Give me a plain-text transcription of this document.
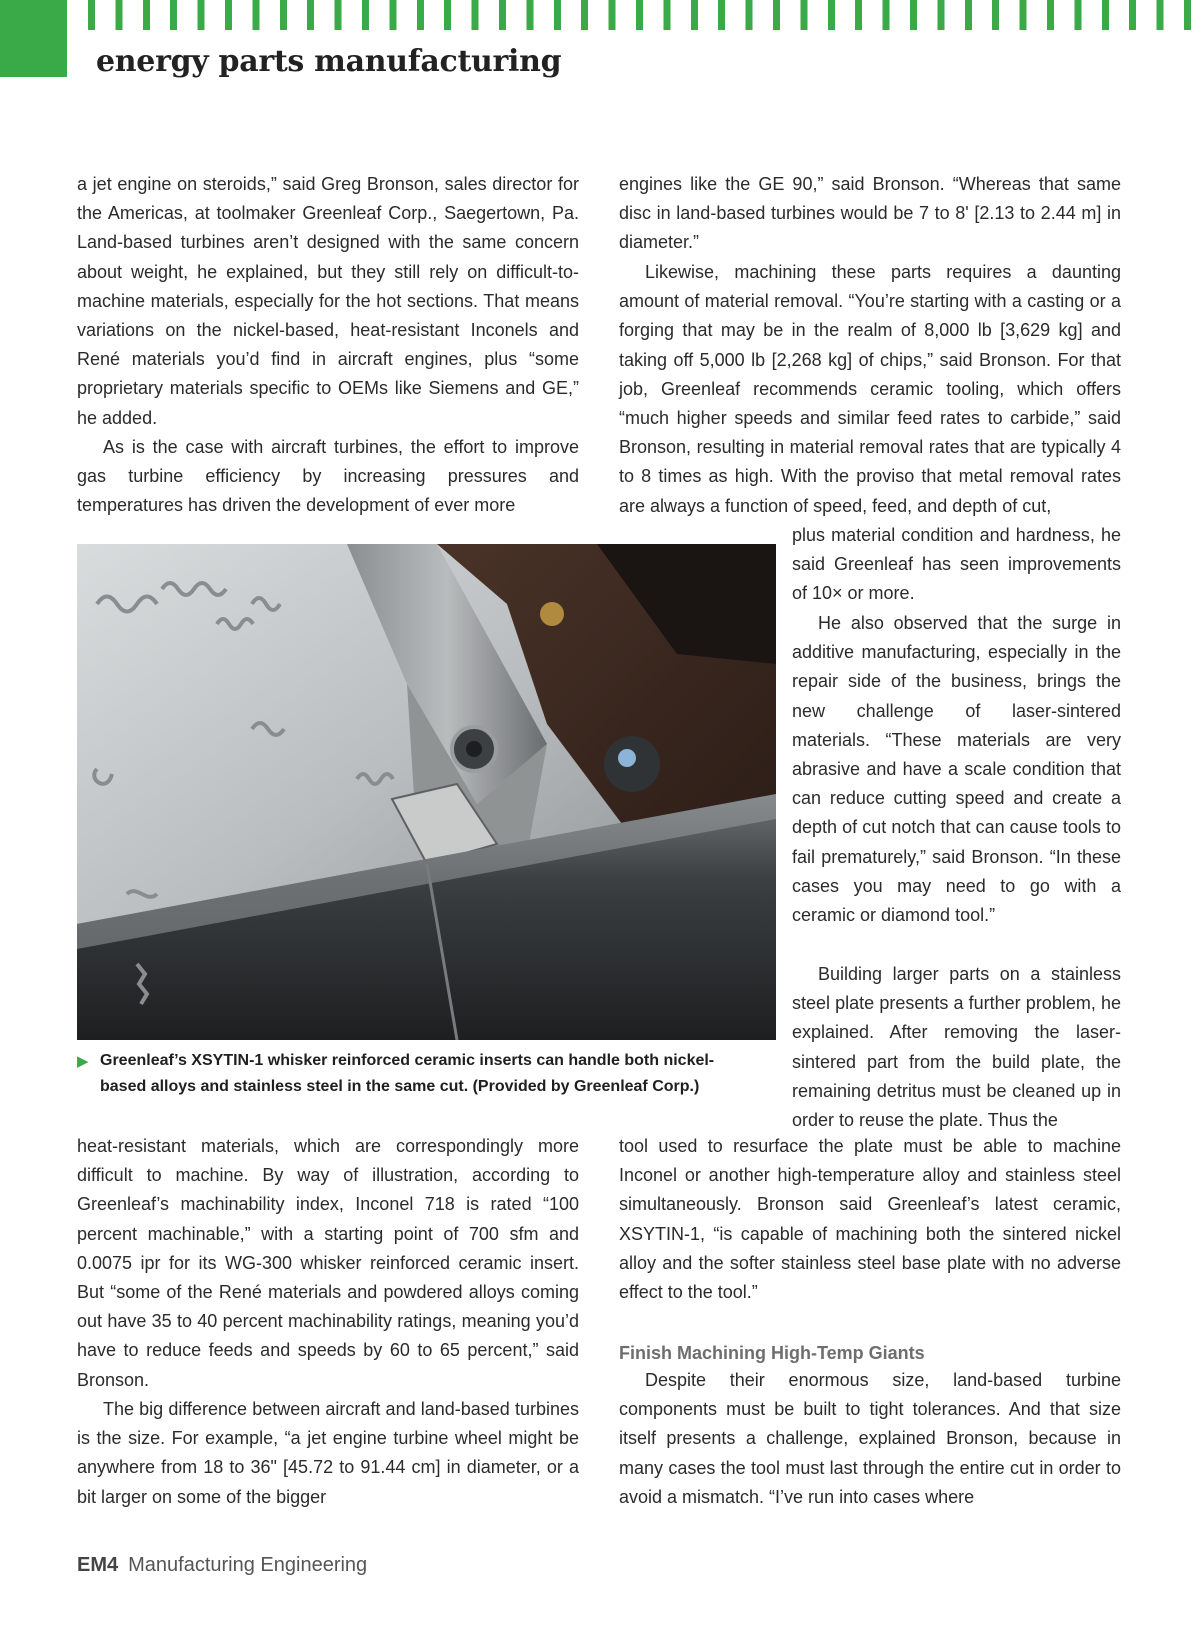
energy parts manufacturing

a jet engine on steroids,” said Greg Bronson, sales director for the Americas, at toolmaker Greenleaf Corp., Saegertown, Pa. Land-based turbines aren’t designed with the same concern about weight, he explained, but they still rely on difficult-to-machine materials, especially for the hot sections. That means variations on the nickel-based, heat-resistant Inconels and René materials you’d find in aircraft engines, plus “some proprietary materials specific to OEMs like Siemens and GE,” he added.

As is the case with aircraft turbines, the effort to improve gas turbine efficiency by increasing pressures and temperatures has driven the development of ever more

heat-resistant materials, which are correspondingly more difficult to machine. By way of illustration, according to Greenleaf’s machinability index, Inconel 718 is rated “100 percent machinable,” with a starting point of 700 sfm and 0.0075 ipr for its WG-300 whisker reinforced ceramic insert. But “some of the René materials and powdered alloys coming out have 35 to 40 percent machinability ratings, meaning you’d have to reduce feeds and speeds by 60 to 65 percent,” said Bronson.

The big difference between aircraft and land-based turbines is the size. For example, “a jet engine turbine wheel might be anywhere from 18 to 36" [45.72 to 91.44 cm] in diameter, or a bit larger on some of the bigger

engines like the GE 90,” said Bronson. “Whereas that same disc in land-based turbines would be 7 to 8' [2.13 to 2.44 m] in diameter.”

Likewise, machining these parts requires a daunting amount of material removal. “You’re starting with a casting or a forging that may be in the realm of 8,000 lb [3,629 kg] and taking off 5,000 lb [2,268 kg] of chips,” said Bronson. For that job, Greenleaf recommends ceramic tooling, which offers “much higher speeds and similar feed rates to carbide,” said Bronson, resulting in material removal rates that are typically 4 to 8 times as high. With the proviso that metal removal rates are always a function of speed, feed, and depth of cut,

plus material condition and hardness, he said Greenleaf has seen improvements of 10× or more.

He also observed that the surge in additive manufacturing, especially in the repair side of the business, brings the new challenge of laser-sintered materials. “These materials are very abrasive and have a scale condition that can reduce cutting speed and create a depth of cut notch that can cause tools to fail prematurely,” said Bronson. “In these cases you may need to go with a ceramic or diamond tool.”

Building larger parts on a stainless steel plate presents a further problem, he explained. After removing the laser-sintered part from the build plate, the remaining detritus must be cleaned up in order to reuse the plate. Thus the

tool used to resurface the plate must be able to machine Inconel or another high-temperature alloy and stainless steel simultaneously. Bronson said Greenleaf’s latest ceramic, XSYTIN-1, “is capable of machining both the sintered nickel alloy and the softer stainless steel base plate with no adverse effect to the tool.”

Finish Machining High-Temp Giants

Despite their enormous size, land-based turbine components must be built to tight tolerances. And that size itself presents a challenge, explained Bronson, because in many cases the tool must last through the entire cut in order to avoid a mismatch. “I’ve run into cases where

▶ Greenleaf’s XSYTIN-1 whisker reinforced ceramic inserts can handle both nickel-based alloys and stainless steel in the same cut. (Provided by Greenleaf Corp.)
EM4 Manufacturing Engineering
